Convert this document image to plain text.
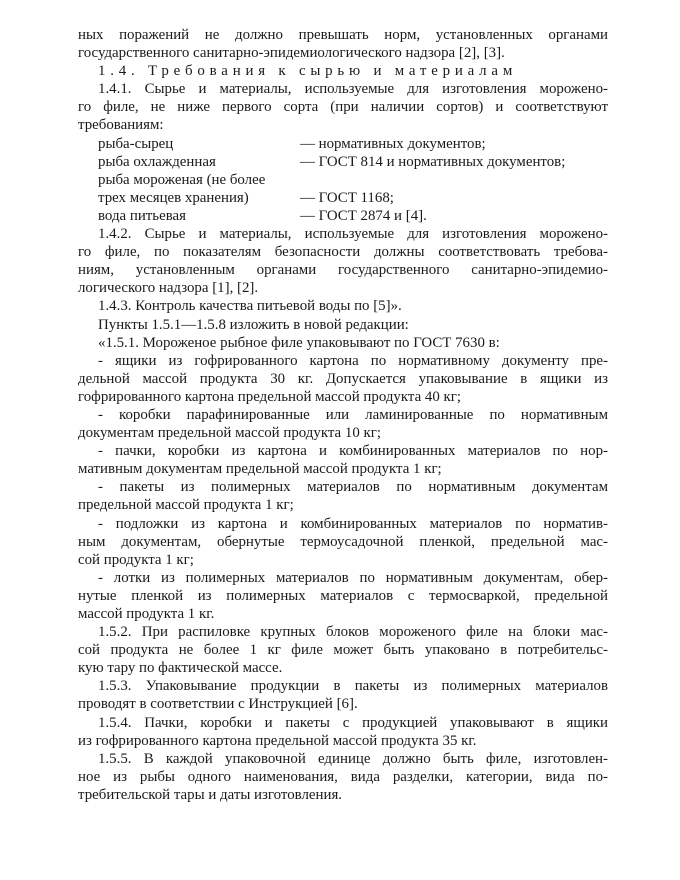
ных поражений не должно превышать норм, установленных органами
государственного санитарно-эпидемиологического надзора [2], [3].
1.4. Требования к сырью и материалам
1.4.1. Сырье и материалы, используемые для изготовления морожено-
го филе, не ниже первого сорта (при наличии сортов) и соответствуют
требованиям:
рыба-сырец	— нормативных документов;
рыба охлажденная	— ГОСТ 814 и нормативных документов;
рыба мороженая (не более
трех месяцев хранения)	— ГОСТ 1168;
вода питьевая	— ГОСТ 2874 и [4].
1.4.2. Сырье и материалы, используемые для изготовления морожено-
го филе, по показателям безопасности должны соответствовать требова-
ниям, установленным органами государственного санитарно-эпидемио-
логического надзора [1], [2].
1.4.3. Контроль качества питьевой воды по [5]».
Пункты 1.5.1—1.5.8 изложить в новой редакции:
«1.5.1. Мороженое рыбное филе упаковывают по ГОСТ 7630 в:
- ящики из гофрированного картона по нормативному документу пре-
дельной массой продукта 30 кг. Допускается упаковывание в ящики из
гофрированного картона предельной массой продукта 40 кг;
- коробки парафинированные или ламинированные по нормативным
документам предельной массой продукта 10 кг;
- пачки, коробки из картона и комбинированных материалов по нор-
мативным документам предельной массой продукта 1 кг;
- пакеты из полимерных материалов по нормативным документам
предельной массой продукта 1 кг;
- подложки из картона и комбинированных материалов по норматив-
ным документам, обернутые термоусадочной пленкой, предельной мас-
сой продукта 1 кг;
- лотки из полимерных материалов по нормативным документам, обер-
нутые пленкой из полимерных материалов с термосваркой, предельной
массой продукта 1 кг.
1.5.2. При распиловке крупных блоков мороженого филе на блоки мас-
сой продукта не более 1 кг филе может быть упаковано в потребительс-
кую тару по фактической массе.
1.5.3. Упаковывание продукции в пакеты из полимерных материалов
проводят в соответствии с Инструкцией [6].
1.5.4. Пачки, коробки и пакеты с продукцией упаковывают в ящики
из гофрированного картона предельной массой продукта 35 кг.
1.5.5. В каждой упаковочной единице должно быть филе, изготовлен-
ное из рыбы одного наименования, вида разделки, категории, вида по-
требительской тары и даты изготовления.
